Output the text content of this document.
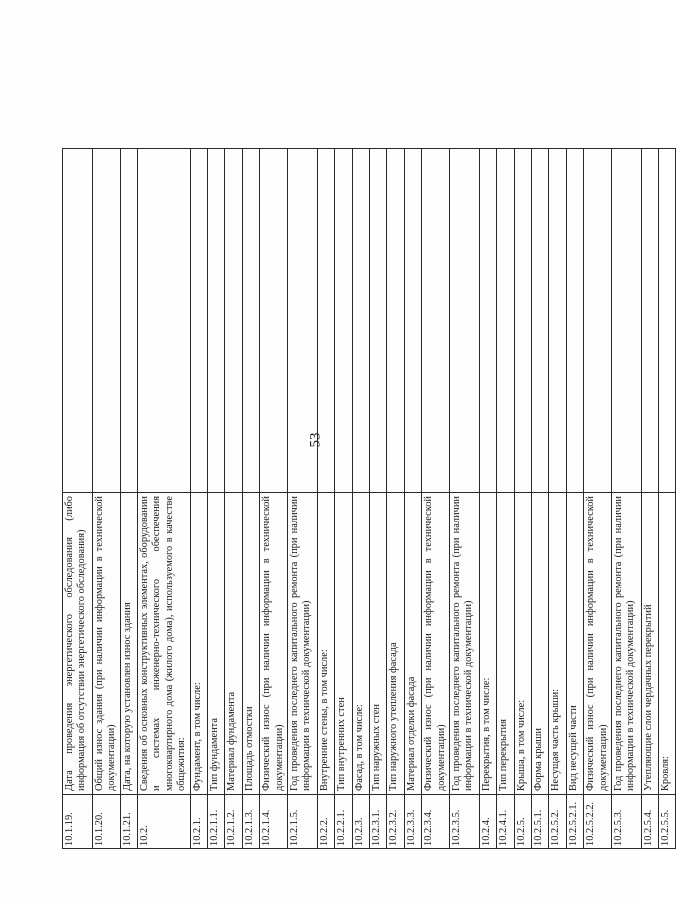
53
10.1.19.	Дата проведения энергетического обследования (либо информация об отсутствии энергетического обследования)	
10.1.20.	Общий износ здания (при наличии информации в технической документации)	
10.1.21.	Дата, на которую установлен износ здания	
10.2.	Сведения об основных конструктивных элементах, оборудовании и системах инженерно-технического обеспечения многоквартирного дома (жилого дома), используемого в качестве общежития:	
10.2.1.	Фундамент, в том числе:	
10.2.1.1.	Тип фундамента	
10.2.1.2.	Материал фундамента	
10.2.1.3.	Площадь отмостки	
10.2.1.4.	Физический износ (при наличии информации в технической документации)	
10.2.1.5.	Год проведения последнего капитального ремонта (при наличии информации в технической документации)	
10.2.2.	Внутренние стены, в том числе:	
10.2.2.1.	Тип внутренних стен	
10.2.3.	Фасад, в том числе:	
10.2.3.1.	Тип наружных стен	
10.2.3.2.	Тип наружного утепления фасада	
10.2.3.3.	Материал отделки фасада	
10.2.3.4.	Физический износ (при наличии информации в технической документации)	
10.2.3.5.	Год проведения последнего капитального ремонта (при наличии информации в технической документации)	
10.2.4.	Перекрытия, в том числе:	
10.2.4.1.	Тип перекрытия	
10.2.5.	Крыша, в том числе:	
10.2.5.1.	Форма крыши	
10.2.5.2.	Несущая часть крыши:	
10.2.5.2.1.	Вид несущей части	
10.2.5.2.2.	Физический износ (при наличии информации в технической документации)	
10.2.5.3.	Год проведения последнего капитального ремонта (при наличии информации в технической документации)	
10.2.5.4.	Утепляющие слои чердачных перекрытий	
10.2.5.5.	Кровля:	
